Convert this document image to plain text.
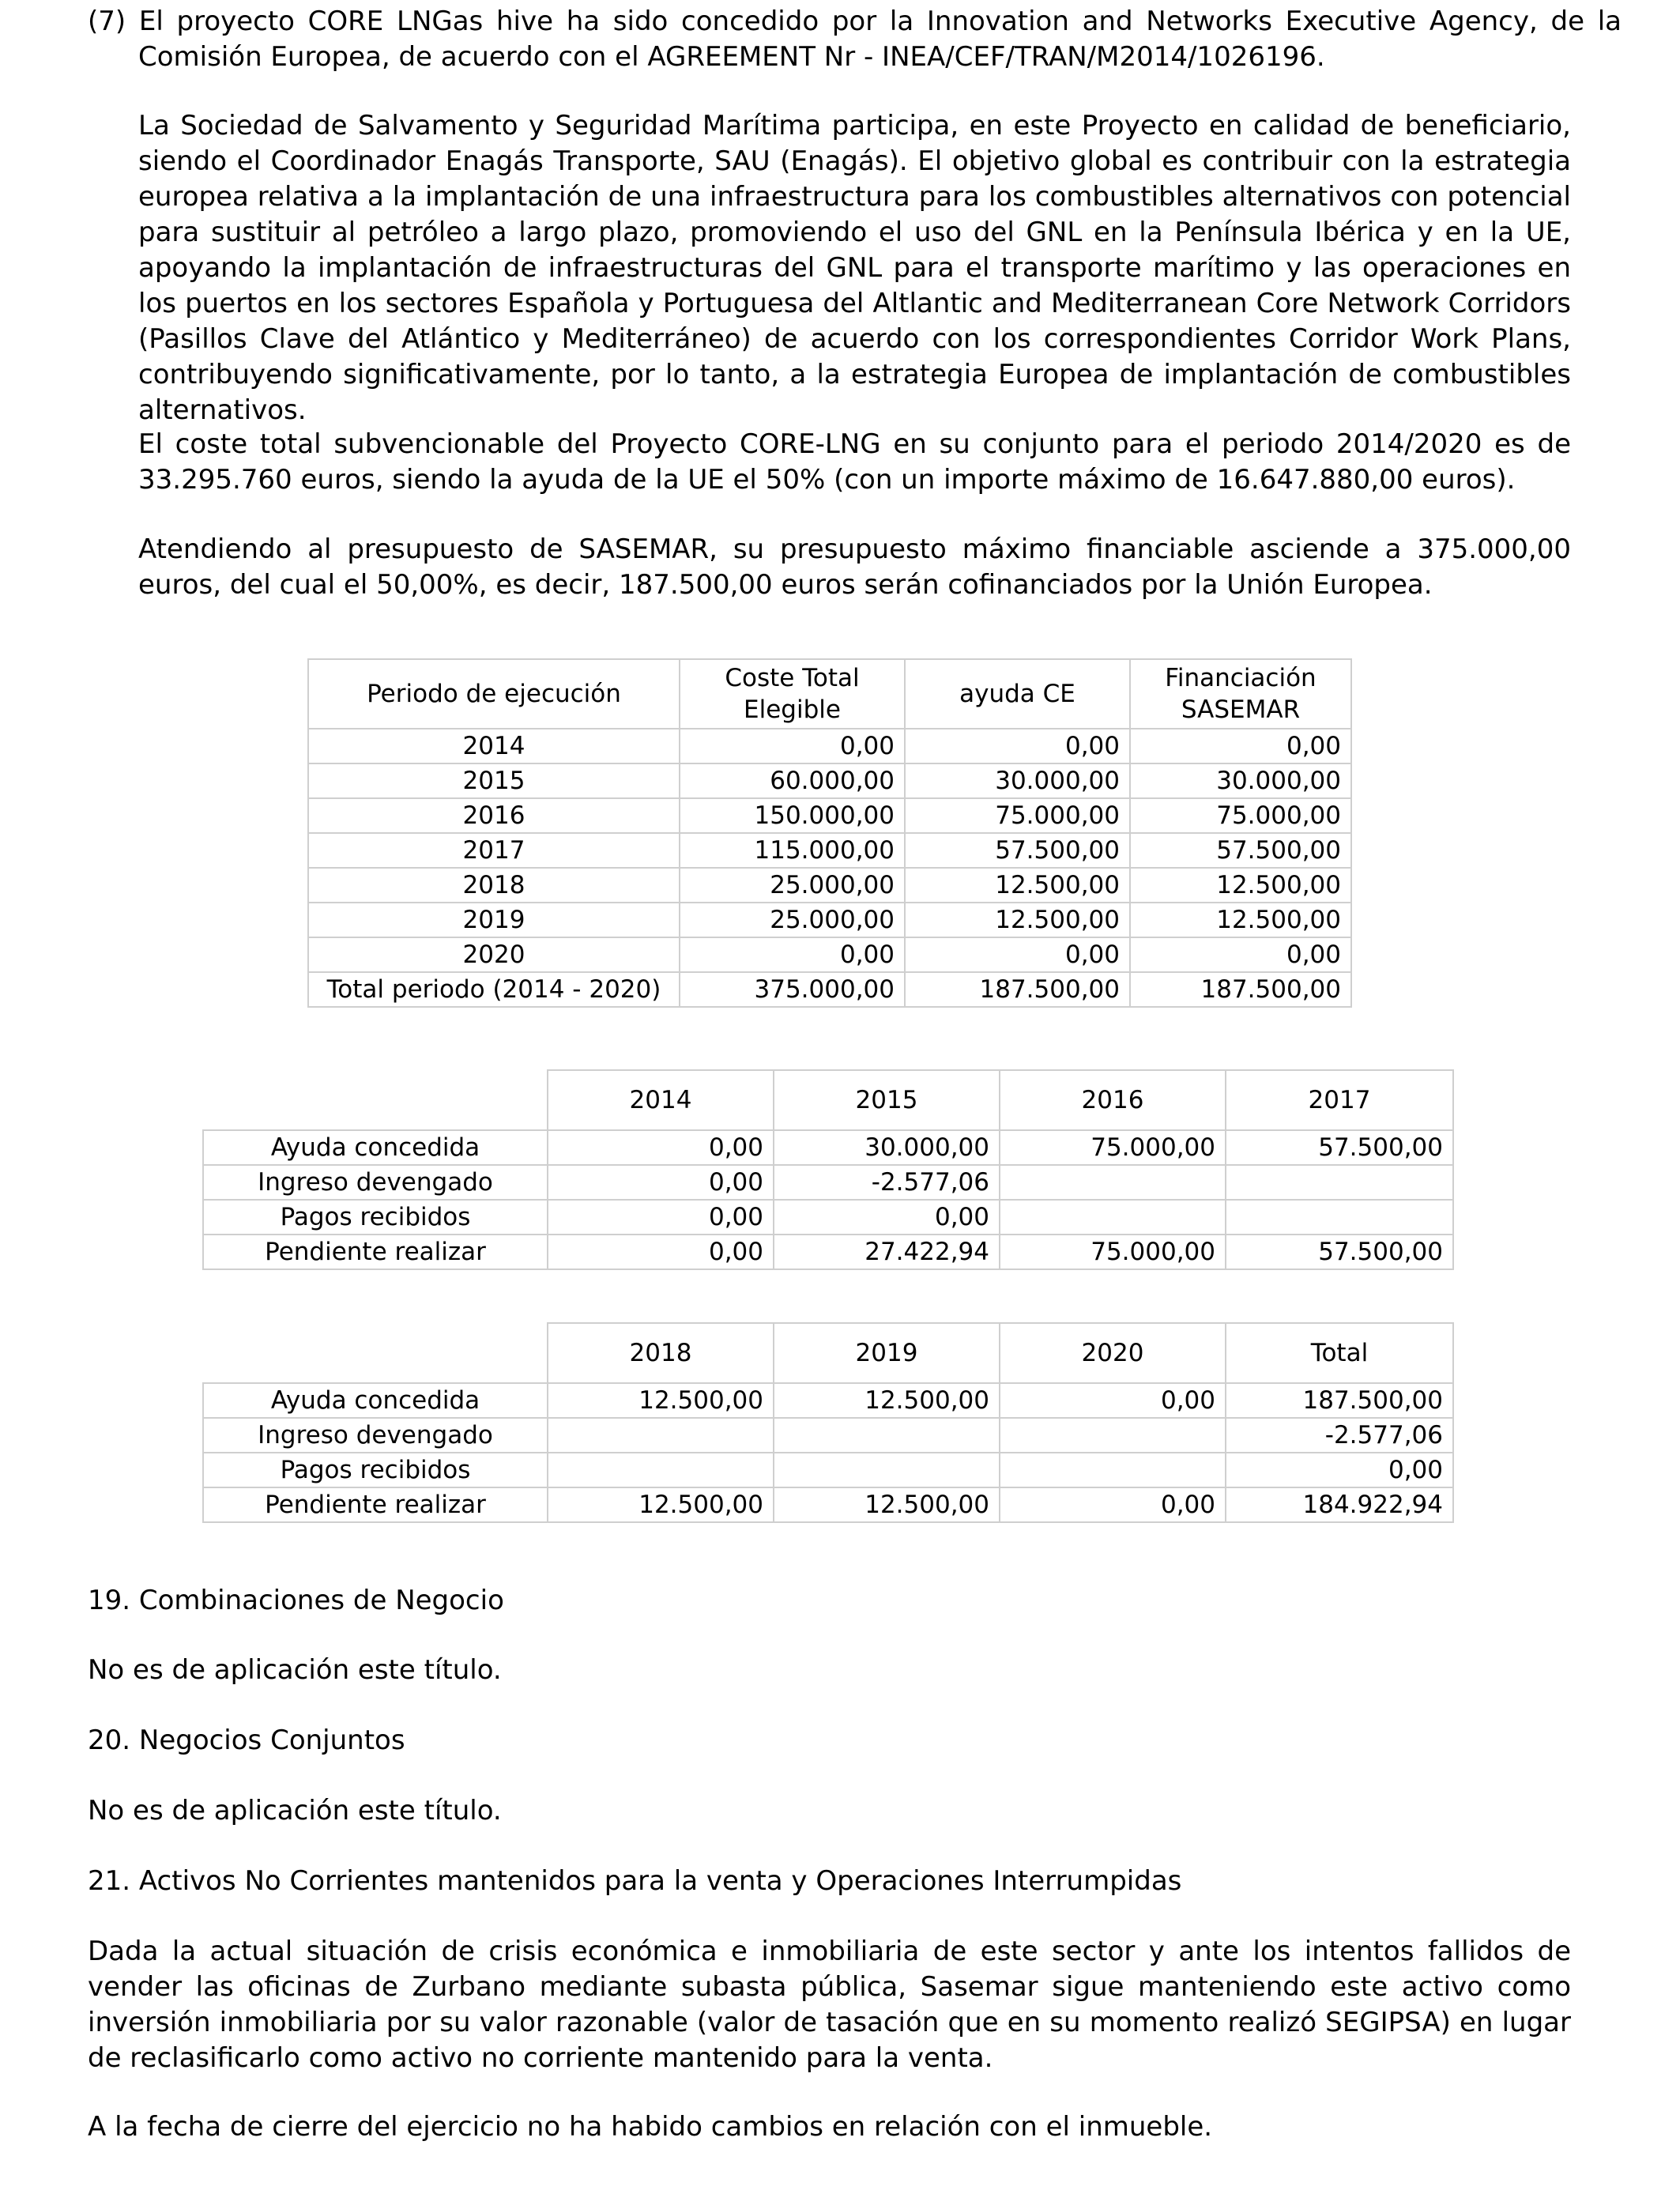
(7) El proyecto CORE LNGas hive ha sido concedido por la Innovation and Networks Executive Agency, de la Comisión Europea, de acuerdo con el AGREEMENT Nr - INEA/CEF/TRAN/M2014/1026196.
La Sociedad de Salvamento y Seguridad Marítima participa, en este Proyecto en calidad de beneficiario, siendo el Coordinador Enagás Transporte, SAU (Enagás). El objetivo global es contribuir con la estrategia europea relativa a la implantación de una infraestructura para los combustibles alternativos con potencial para sustituir al petróleo a largo plazo, promoviendo el uso del GNL en la Península Ibérica y en la UE, apoyando la implantación de infraestructuras del GNL para el transporte marítimo y las operaciones en los puertos en los sectores Española y Portuguesa del Altlantic and Mediterranean Core Network Corridors (Pasillos Clave del Atlántico y Mediterráneo) de acuerdo con los correspondientes Corridor Work Plans, contribuyendo significativamente, por lo tanto, a la estrategia Europea de implantación de combustibles alternativos.
El coste total subvencionable del Proyecto CORE-LNG en su conjunto para el periodo 2014/2020 es de 33.295.760 euros, siendo la ayuda de la UE el 50% (con un importe máximo de 16.647.880,00 euros).
Atendiendo al presupuesto de SASEMAR, su presupuesto máximo financiable asciende a 375.000,00 euros, del cual el 50,00%, es decir, 187.500,00 euros serán cofinanciados por la Unión Europea.
Periodo de ejecución	Coste Total Elegible	ayuda CE	Financiación SASEMAR
2014	0,00	0,00	0,00
2015	60.000,00	30.000,00	30.000,00
2016	150.000,00	75.000,00	75.000,00
2017	115.000,00	57.500,00	57.500,00
2018	25.000,00	12.500,00	12.500,00
2019	25.000,00	12.500,00	12.500,00
2020	0,00	0,00	0,00
Total periodo (2014 - 2020)	375.000,00	187.500,00	187.500,00
	2014	2015	2016	2017
Ayuda concedida	0,00	30.000,00	75.000,00	57.500,00
Ingreso devengado	0,00	-2.577,06		
Pagos recibidos	0,00	0,00		
Pendiente realizar	0,00	27.422,94	75.000,00	57.500,00
	2018	2019	2020	Total
Ayuda concedida	12.500,00	12.500,00	0,00	187.500,00
Ingreso devengado				-2.577,06
Pagos recibidos				0,00
Pendiente realizar	12.500,00	12.500,00	0,00	184.922,94
19. Combinaciones de Negocio
No es de aplicación este título.
20. Negocios Conjuntos
No es de aplicación este título.
21. Activos No Corrientes mantenidos para la venta y Operaciones Interrumpidas
Dada la actual situación de crisis económica e inmobiliaria de este sector y ante los intentos fallidos de vender las oficinas de Zurbano mediante subasta pública, Sasemar sigue manteniendo este activo como inversión inmobiliaria por su valor razonable (valor de tasación que en su momento realizó SEGIPSA) en lugar de reclasificarlo como activo no corriente mantenido para la venta.
A la fecha de cierre del ejercicio no ha habido cambios en relación con el inmueble.
